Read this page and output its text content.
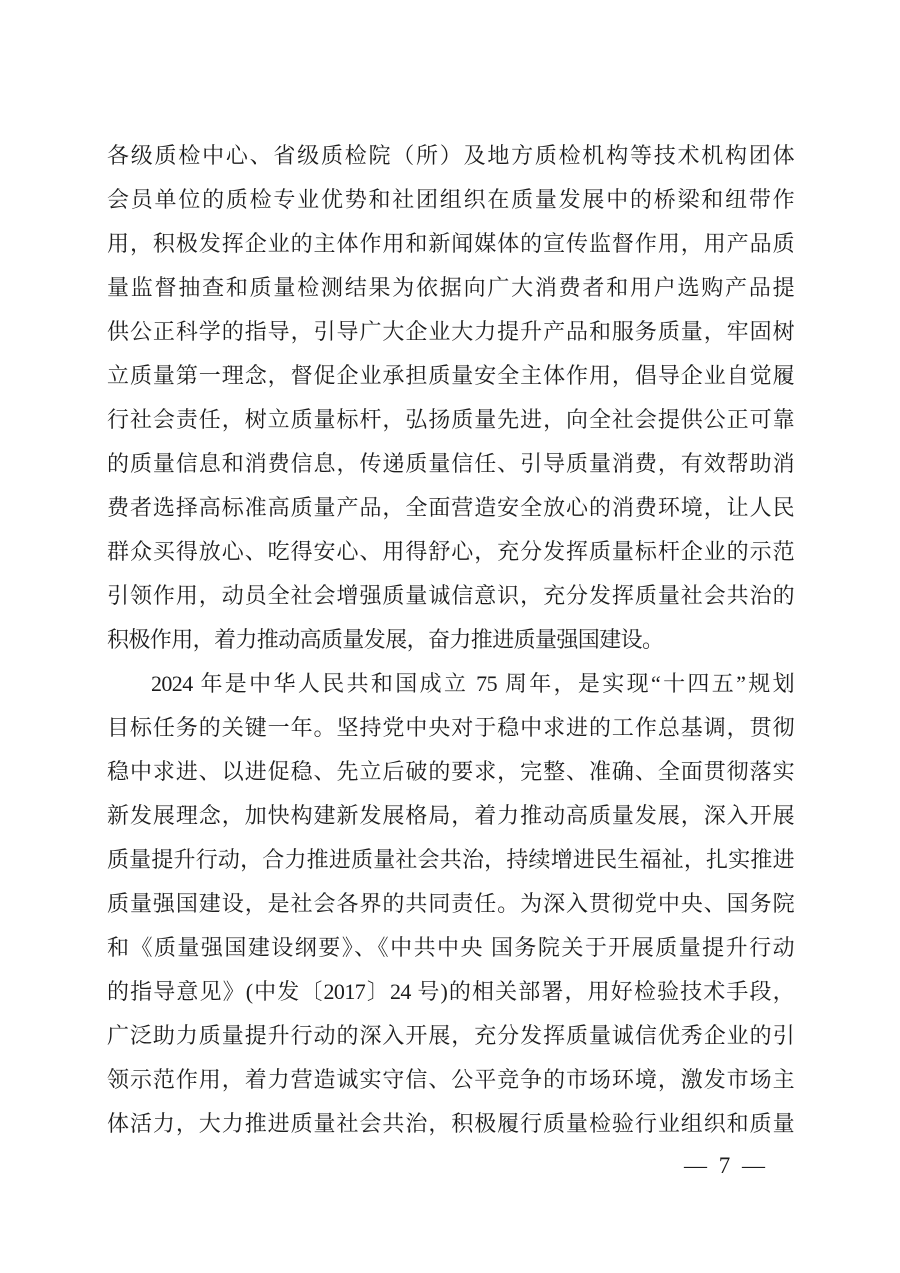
各级质检中心、省级质检院（所）及地方质检机构等技术机构团体
会员单位的质检专业优势和社团组织在质量发展中的桥梁和纽带作
用，积极发挥企业的主体作用和新闻媒体的宣传监督作用，用产品质
量监督抽查和质量检测结果为依据向广大消费者和用户选购产品提
供公正科学的指导，引导广大企业大力提升产品和服务质量，牢固树
立质量第一理念，督促企业承担质量安全主体作用，倡导企业自觉履
行社会责任，树立质量标杆，弘扬质量先进，向全社会提供公正可靠
的质量信息和消费信息，传递质量信任、引导质量消费，有效帮助消
费者选择高标准高质量产品，全面营造安全放心的消费环境，让人民
群众买得放心、吃得安心、用得舒心，充分发挥质量标杆企业的示范
引领作用，动员全社会增强质量诚信意识，充分发挥质量社会共治的
积极作用，着力推动高质量发展，奋力推进质量强国建设。
2024 年是中华人民共和国成立 75 周年，是实现“十四五”规划
目标任务的关键一年。坚持党中央对于稳中求进的工作总基调，贯彻
稳中求进、以进促稳、先立后破的要求，完整、准确、全面贯彻落实
新发展理念，加快构建新发展格局，着力推动高质量发展，深入开展
质量提升行动，合力推进质量社会共治，持续增进民生福祉，扎实推进
质量强国建设，是社会各界的共同责任。为深入贯彻党中央、国务院
和《质量强国建设纲要》、《中共中央 国务院关于开展质量提升行动
的指导意见》(中发〔2017〕24 号)的相关部署，用好检验技术手段，
广泛助力质量提升行动的深入开展，充分发挥质量诚信优秀企业的引
领示范作用，着力营造诚实守信、公平竞争的市场环境，激发市场主
体活力，大力推进质量社会共治，积极履行质量检验行业组织和质量
— 7 —
